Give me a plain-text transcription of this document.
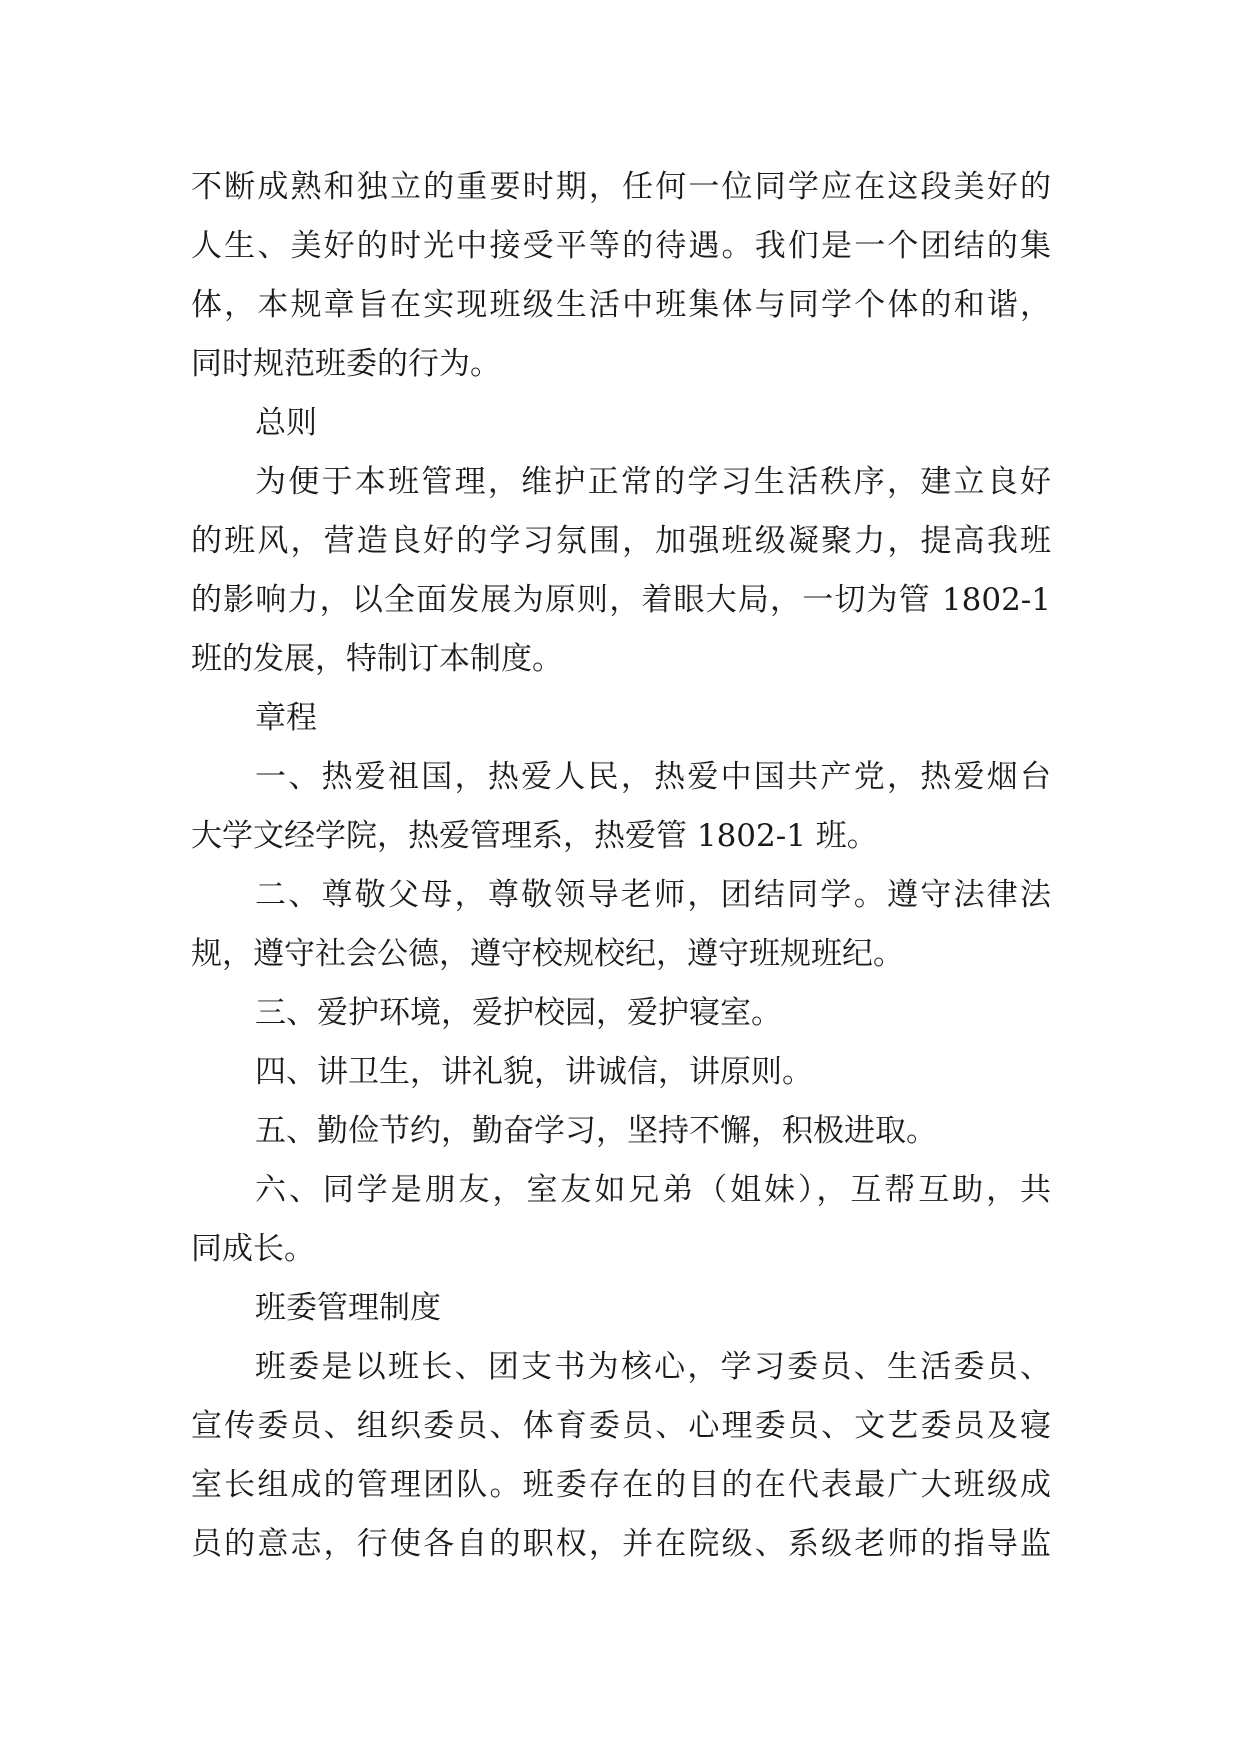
不断成熟和独立的重要时期，任何一位同学应在这段美好的
人生、美好的时光中接受平等的待遇。我们是一个团结的集
体，本规章旨在实现班级生活中班集体与同学个体的和谐，
同时规范班委的行为。
总则
为便于本班管理，维护正常的学习生活秩序，建立良好
的班风，营造良好的学习氛围，加强班级凝聚力，提高我班
的影响力，以全面发展为原则，着眼大局，一切为管 1802-1
班的发展，特制订本制度。
章程
一、热爱祖国，热爱人民，热爱中国共产党，热爱烟台
大学文经学院，热爱管理系，热爱管 1802-1 班。
二、尊敬父母，尊敬领导老师，团结同学。遵守法律法
规，遵守社会公德，遵守校规校纪，遵守班规班纪。
三、爱护环境，爱护校园，爱护寝室。
四、讲卫生，讲礼貌，讲诚信，讲原则。
五、勤俭节约，勤奋学习，坚持不懈，积极进取。
六、同学是朋友，室友如兄弟（姐妹），互帮互助，共
同成长。
班委管理制度
班委是以班长、团支书为核心，学习委员、生活委员、
宣传委员、组织委员、体育委员、心理委员、文艺委员及寝
室长组成的管理团队。班委存在的目的在代表最广大班级成
员的意志，行使各自的职权，并在院级、系级老师的指导监
